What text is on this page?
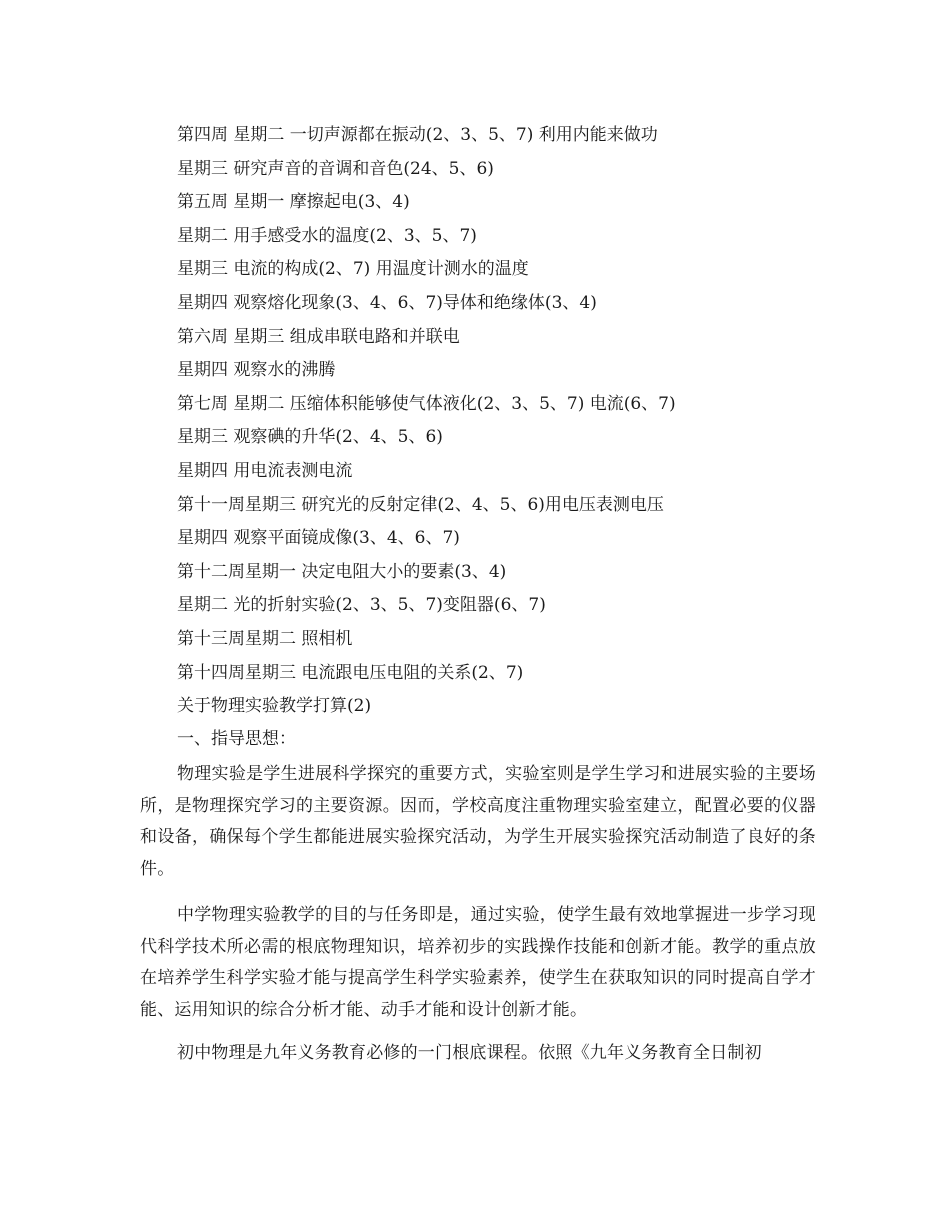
第四周 星期二 一切声源都在振动(2、3、5、7) 利用内能来做功
星期三 研究声音的音调和音色(24、5、6)
第五周 星期一 摩擦起电(3、4)
星期二 用手感受水的温度(2、3、5、7)
星期三 电流的构成(2、7) 用温度计测水的温度
星期四 观察熔化现象(3、4、6、7)导体和绝缘体(3、4)
第六周 星期三 组成串联电路和并联电
星期四 观察水的沸腾
第七周 星期二 压缩体积能够使气体液化(2、3、5、7) 电流(6、7)
星期三 观察碘的升华(2、4、5、6)
星期四 用电流表测电流
第十一周星期三 研究光的反射定律(2、4、5、6)用电压表测电压
星期四 观察平面镜成像(3、4、6、7)
第十二周星期一 决定电阻大小的要素(3、4)
星期二 光的折射实验(2、3、5、7)变阻器(6、7)
第十三周星期二 照相机
第十四周星期三 电流跟电压电阻的关系(2、7)

关于物理实验教学打算(2)

一、指导思想：

物理实验是学生进展科学探究的重要方式，实验室则是学生学习和进展实验的主要场所，是物理探究学习的主要资源。因而，学校高度注重物理实验室建立，配置必要的仪器和设备，确保每个学生都能进展实验探究活动，为学生开展实验探究活动制造了良好的条件。

中学物理实验教学的目的与任务即是，通过实验，使学生最有效地掌握进一步学习现代科学技术所必需的根底物理知识，培养初步的实践操作技能和创新才能。教学的重点放在培养学生科学实验才能与提高学生科学实验素养，使学生在获取知识的同时提高自学才能、运用知识的综合分析才能、动手才能和设计创新才能。

初中物理是九年义务教育必修的一门根底课程。依照《九年义务教育全日制初
